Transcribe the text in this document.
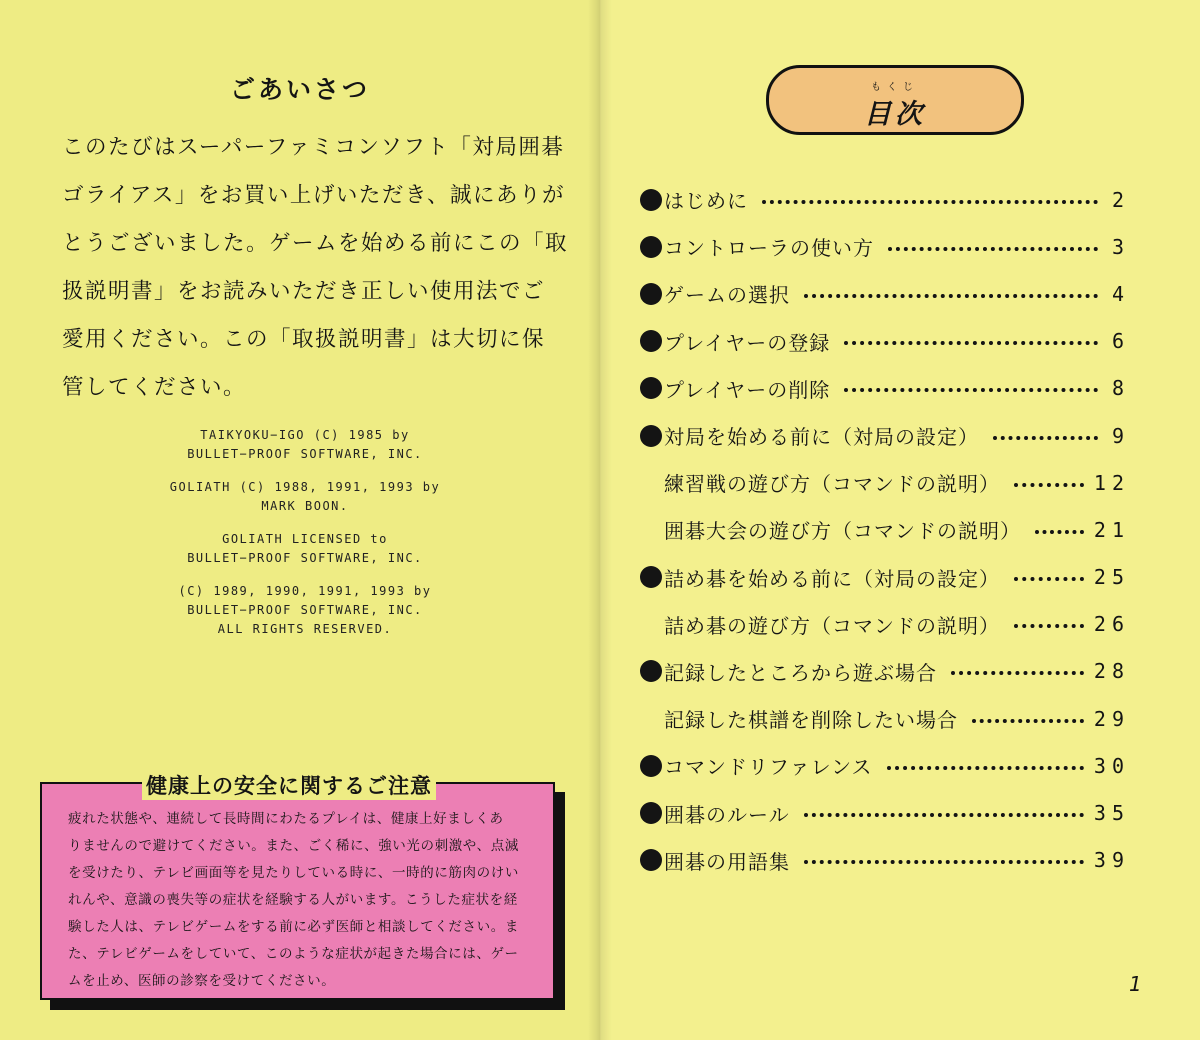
ごあいさつ

このたびはスーパーファミコンソフト「対局囲碁

ゴライアス」をお買い上げいただき、誠にありが

とうございました。ゲームを始める前にこの「取

扱説明書」をお読みいただき正しい使用法でご

愛用ください。この「取扱説明書」は大切に保

管してください。

TAIKYOKU−IGO (C) 1985 by
BULLET−PROOF SOFTWARE, INC.
GOLIATH (C) 1988, 1991, 1993 by
MARK BOON.
GOLIATH LICENSED to
BULLET−PROOF SOFTWARE, INC.
(C) 1989, 1990, 1991, 1993 by
BULLET−PROOF SOFTWARE, INC.
ALL RIGHTS RESERVED.
健康上の安全に関するご注意

疲れた状態や、連続して長時間にわたるプレイは、健康上好ましくあ

りませんので避けてください。また、ごく稀に、強い光の刺激や、点滅

を受けたり、テレビ画面等を見たりしている時に、一時的に筋肉のけい

れんや、意識の喪失等の症状を経験する人がいます。こうした症状を経

験した人は、テレビゲームをする前に必ず医師と相談してください。ま

た、テレビゲームをしていて、このような症状が起きた場合には、ゲー

ムを止め、医師の診察を受けてください。

もくじ
目次
はじめに	2
コントローラの使い方	3
ゲームの選択	4
プレイヤーの登録	6
プレイヤーの削除	8
対局を始める前に（対局の設定）	9
練習戦の遊び方（コマンドの説明）	12
囲碁大会の遊び方（コマンドの説明）	21
詰め碁を始める前に（対局の設定）	25
詰め碁の遊び方（コマンドの説明）	26
記録したところから遊ぶ場合	28
記録した棋譜を削除したい場合	29
コマンドリファレンス	30
囲碁のルール	35
囲碁の用語集	39
1
